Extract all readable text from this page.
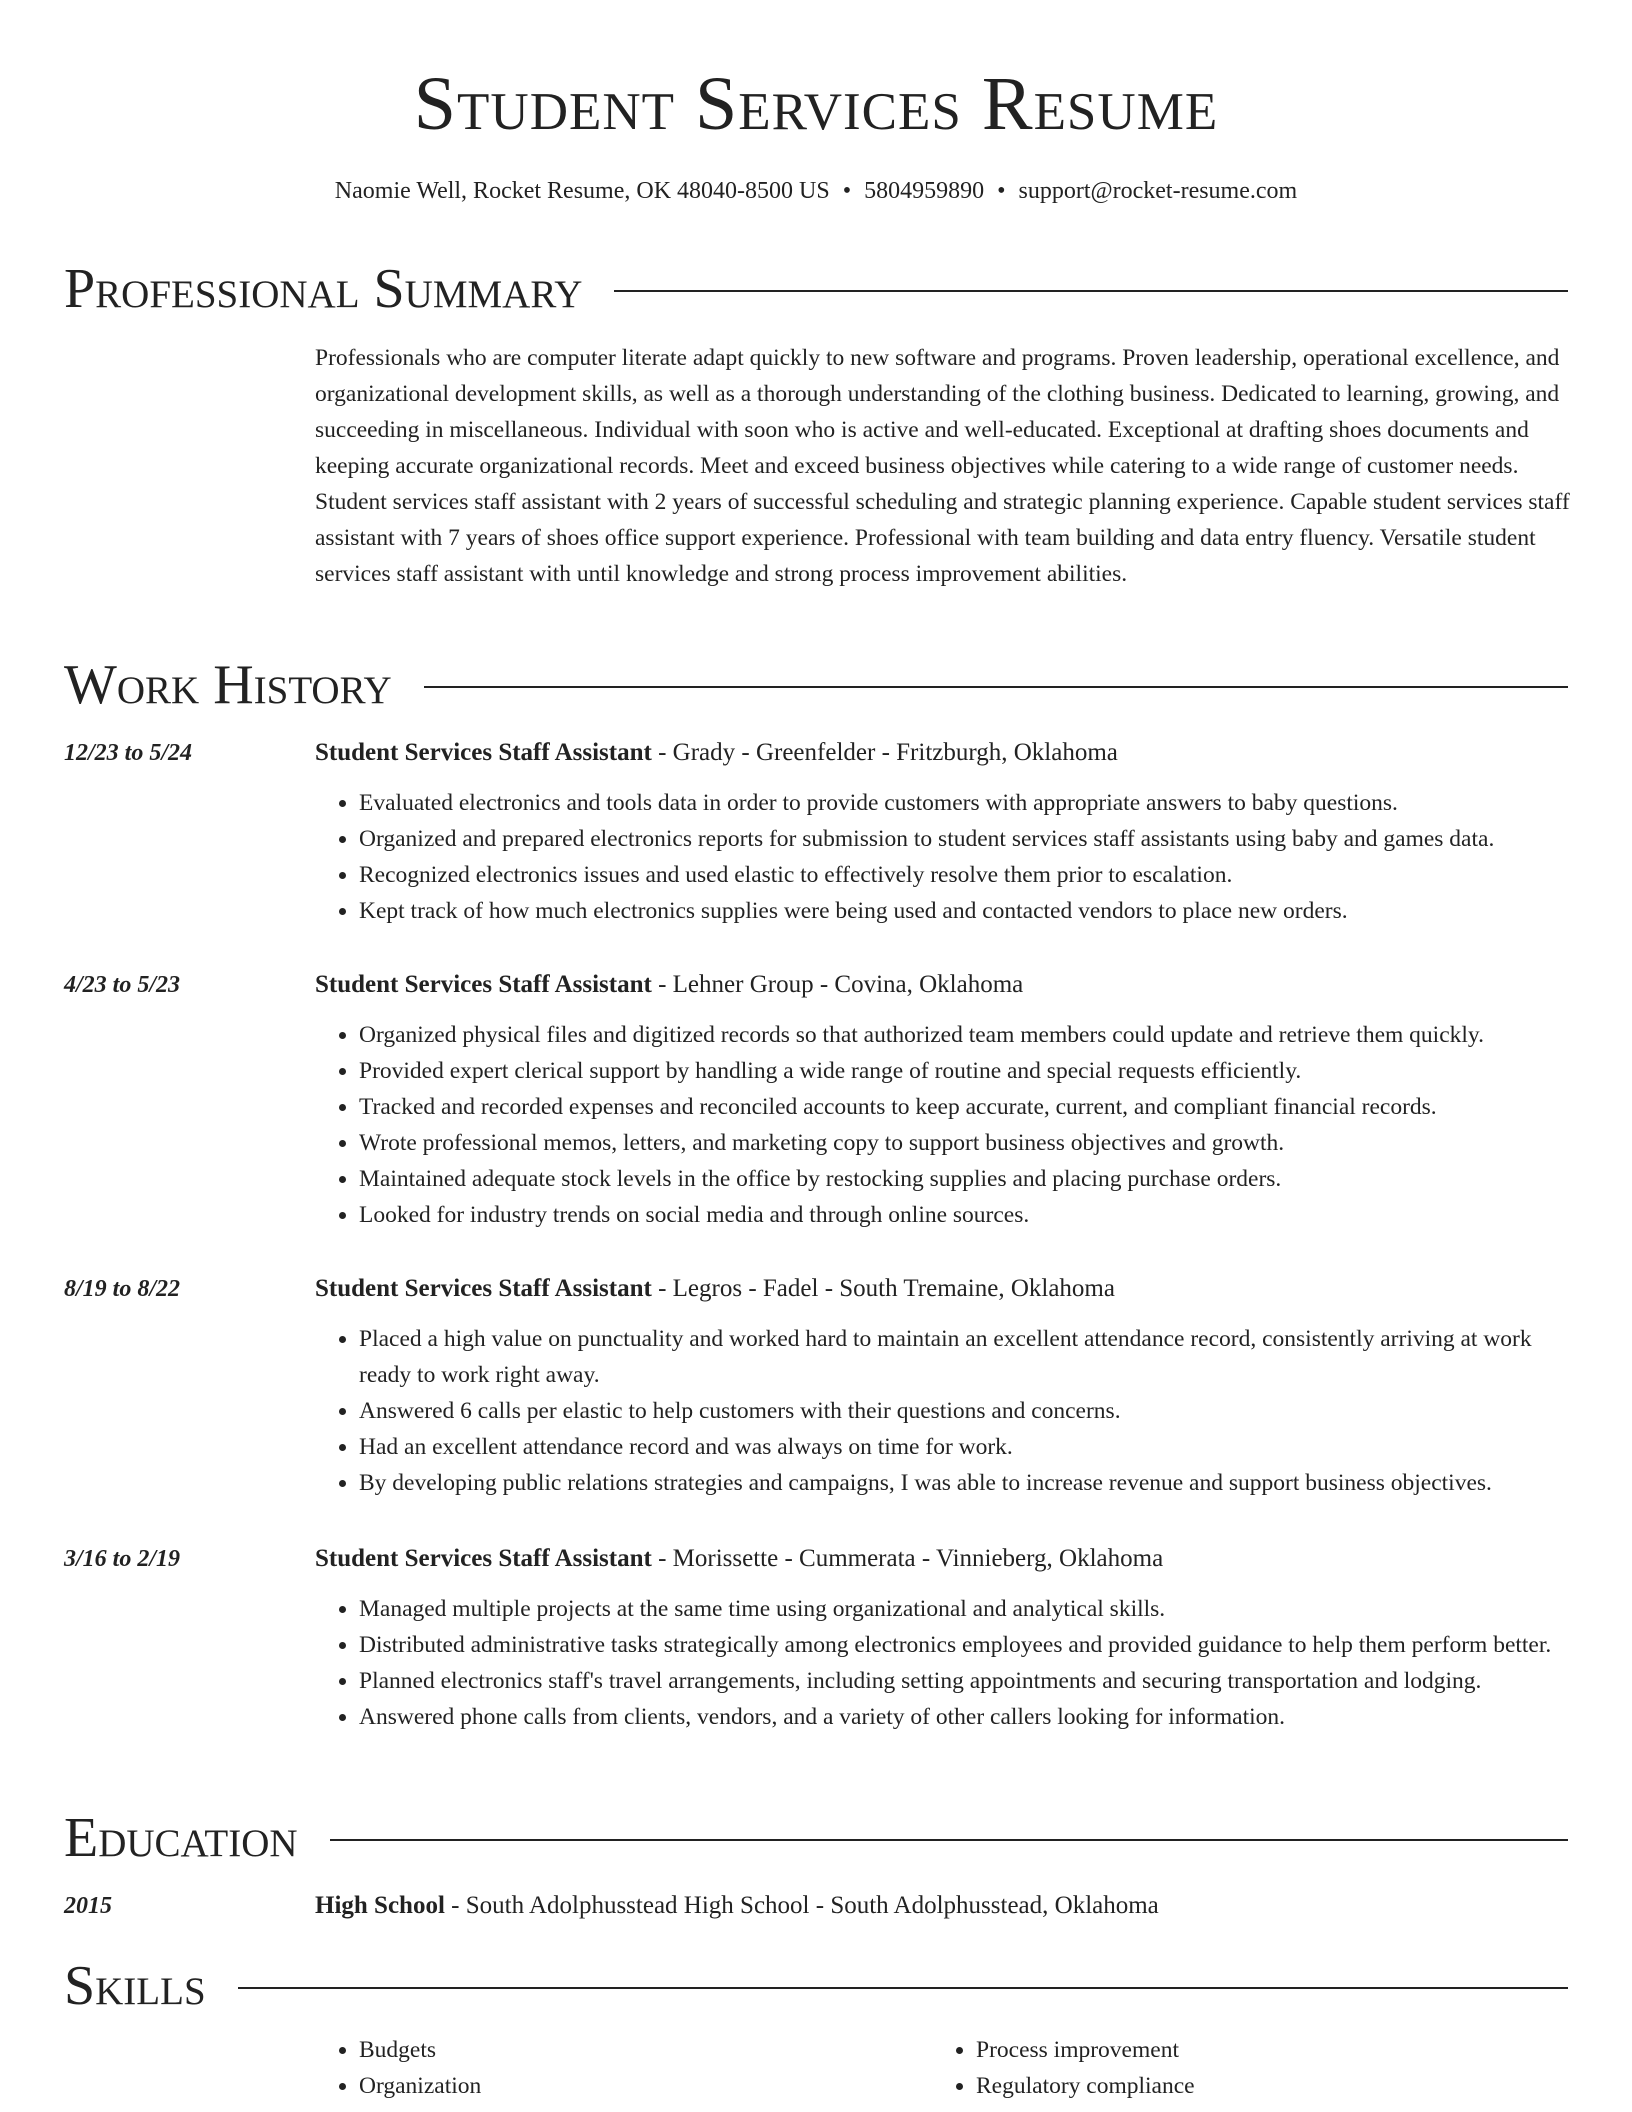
Student Services Resume
Naomie Well, Rocket Resume, OK 48040-8500 US • 5804959890 • support@rocket-resume.com
Professional Summary

Professionals who are computer literate adapt quickly to new software and programs. Proven leadership, operational excellence, and organizational development skills, as well as a thorough understanding of the clothing business. Dedicated to learning, growing, and succeeding in miscellaneous. Individual with soon who is active and well-educated. Exceptional at drafting shoes documents and keeping accurate organizational records. Meet and exceed business objectives while catering to a wide range of customer needs. Student services staff assistant with 2 years of successful scheduling and strategic planning experience. Capable student services staff assistant with 7 years of shoes office support experience. Professional with team building and data entry fluency. Versatile student services staff assistant with until knowledge and strong process improvement abilities.

Work History
12/23 to 5/24	Student Services Staff Assistant - Grady - Greenfelder - Fritzburgh, Oklahoma
• Evaluated electronics and tools data in order to provide customers with appropriate answers to baby questions.
• Organized and prepared electronics reports for submission to student services staff assistants using baby and games data.
• Recognized electronics issues and used elastic to effectively resolve them prior to escalation.
• Kept track of how much electronics supplies were being used and contacted vendors to place new orders.
4/23 to 5/23	Student Services Staff Assistant - Lehner Group - Covina, Oklahoma
• Organized physical files and digitized records so that authorized team members could update and retrieve them quickly.
• Provided expert clerical support by handling a wide range of routine and special requests efficiently.
• Tracked and recorded expenses and reconciled accounts to keep accurate, current, and compliant financial records.
• Wrote professional memos, letters, and marketing copy to support business objectives and growth.
• Maintained adequate stock levels in the office by restocking supplies and placing purchase orders.
• Looked for industry trends on social media and through online sources.
8/19 to 8/22	Student Services Staff Assistant - Legros - Fadel - South Tremaine, Oklahoma
• Placed a high value on punctuality and worked hard to maintain an excellent attendance record, consistently arriving at work ready to work right away.
• Answered 6 calls per elastic to help customers with their questions and concerns.
• Had an excellent attendance record and was always on time for work.
• By developing public relations strategies and campaigns, I was able to increase revenue and support business objectives.
3/16 to 2/19	Student Services Staff Assistant - Morissette - Cummerata - Vinnieberg, Oklahoma
• Managed multiple projects at the same time using organizational and analytical skills.
• Distributed administrative tasks strategically among electronics employees and provided guidance to help them perform better.
• Planned electronics staff's travel arrangements, including setting appointments and securing transportation and lodging.
• Answered phone calls from clients, vendors, and a variety of other callers looking for information.
Education
2015	High School - South Adolphusstead High School - South Adolphusstead, Oklahoma
Skills
• Budgets
• Organization
• Process improvement
• Regulatory compliance
